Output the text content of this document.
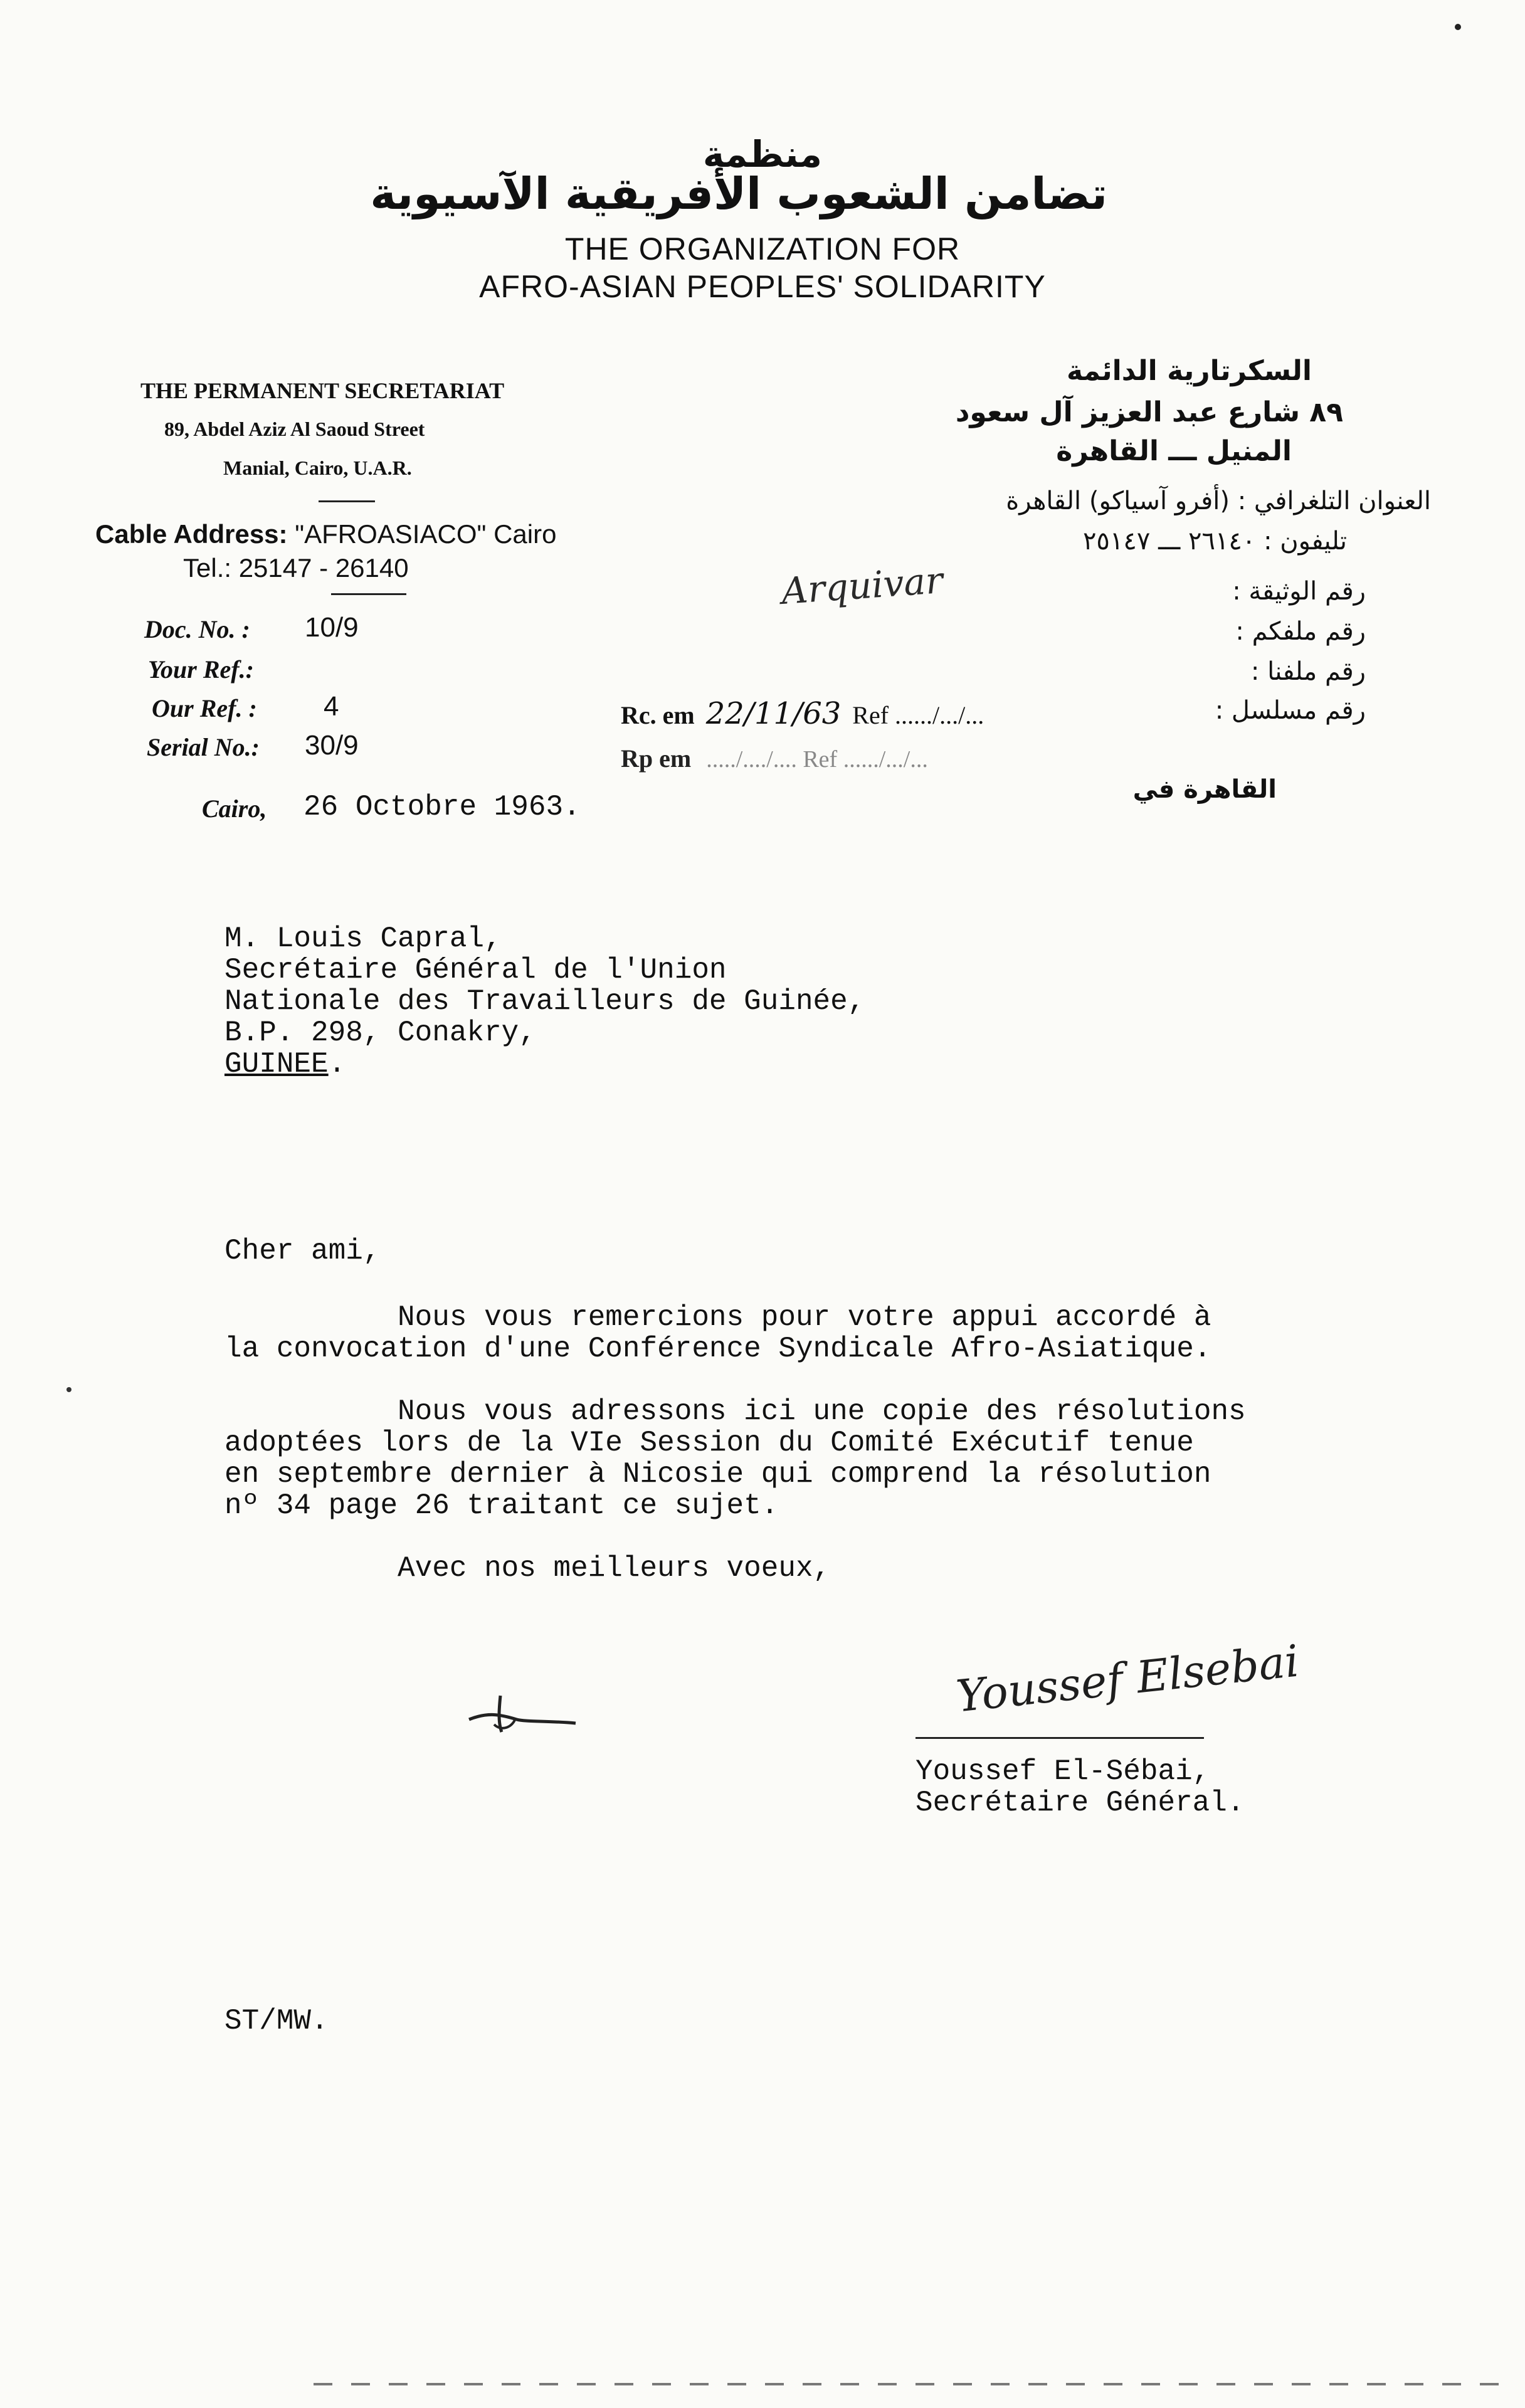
منظمة
تضامن الشعوب الأفريقية الآسيوية
THE ORGANIZATION FOR
AFRO-ASIAN PEOPLES' SOLIDARITY
THE PERMANENT SECRETARIAT
89, Abdel Aziz Al Saoud Street
Manial, Cairo, U.A.R.
Cable Address: "AFROASIACO" Cairo
Tel.: 25147 - 26140
Doc. No. : 10/9
Your Ref.:
Our Ref. : 4
Serial No.: 30/9
Cairo, 26 Octobre 1963.
السكرتارية الدائمة
٨٩ شارع عبد العزيز آل سعود
المنيل ـــ القاهرة
العنوان التلغرافي : (أفرو آسياكو) القاهرة
تليفون : ٢٦١٤٠ ـــ ٢٥١٤٧
رقم الوثيقة :
رقم ملفكم :
رقم ملفنا :
رقم مسلسل :
القاهرة في
Arquivar
Rc. em 22/11/63 Ref ....../.../...
Rp em ...../..../.... Ref ....../.../...
M. Louis Capral,
Secrétaire Général de l'Union
Nationale des Travailleurs de Guinée,
B.P. 298, Conakry,
GUINEE.
Cher ami,
Nous vous remercions pour votre appui accordé à
la convocation d'une Conférence Syndicale Afro-Asiatique.
Nous vous adressons ici une copie des résolutions
adoptées lors de la VIe Session du Comité Exécutif tenue
en septembre dernier à Nicosie qui comprend la résolution
nº 34 page 26 traitant ce sujet.
Avec nos meilleurs voeux,
Youssef Elsebai
Youssef El-Sébai,
Secrétaire Général.
ST/MW.
